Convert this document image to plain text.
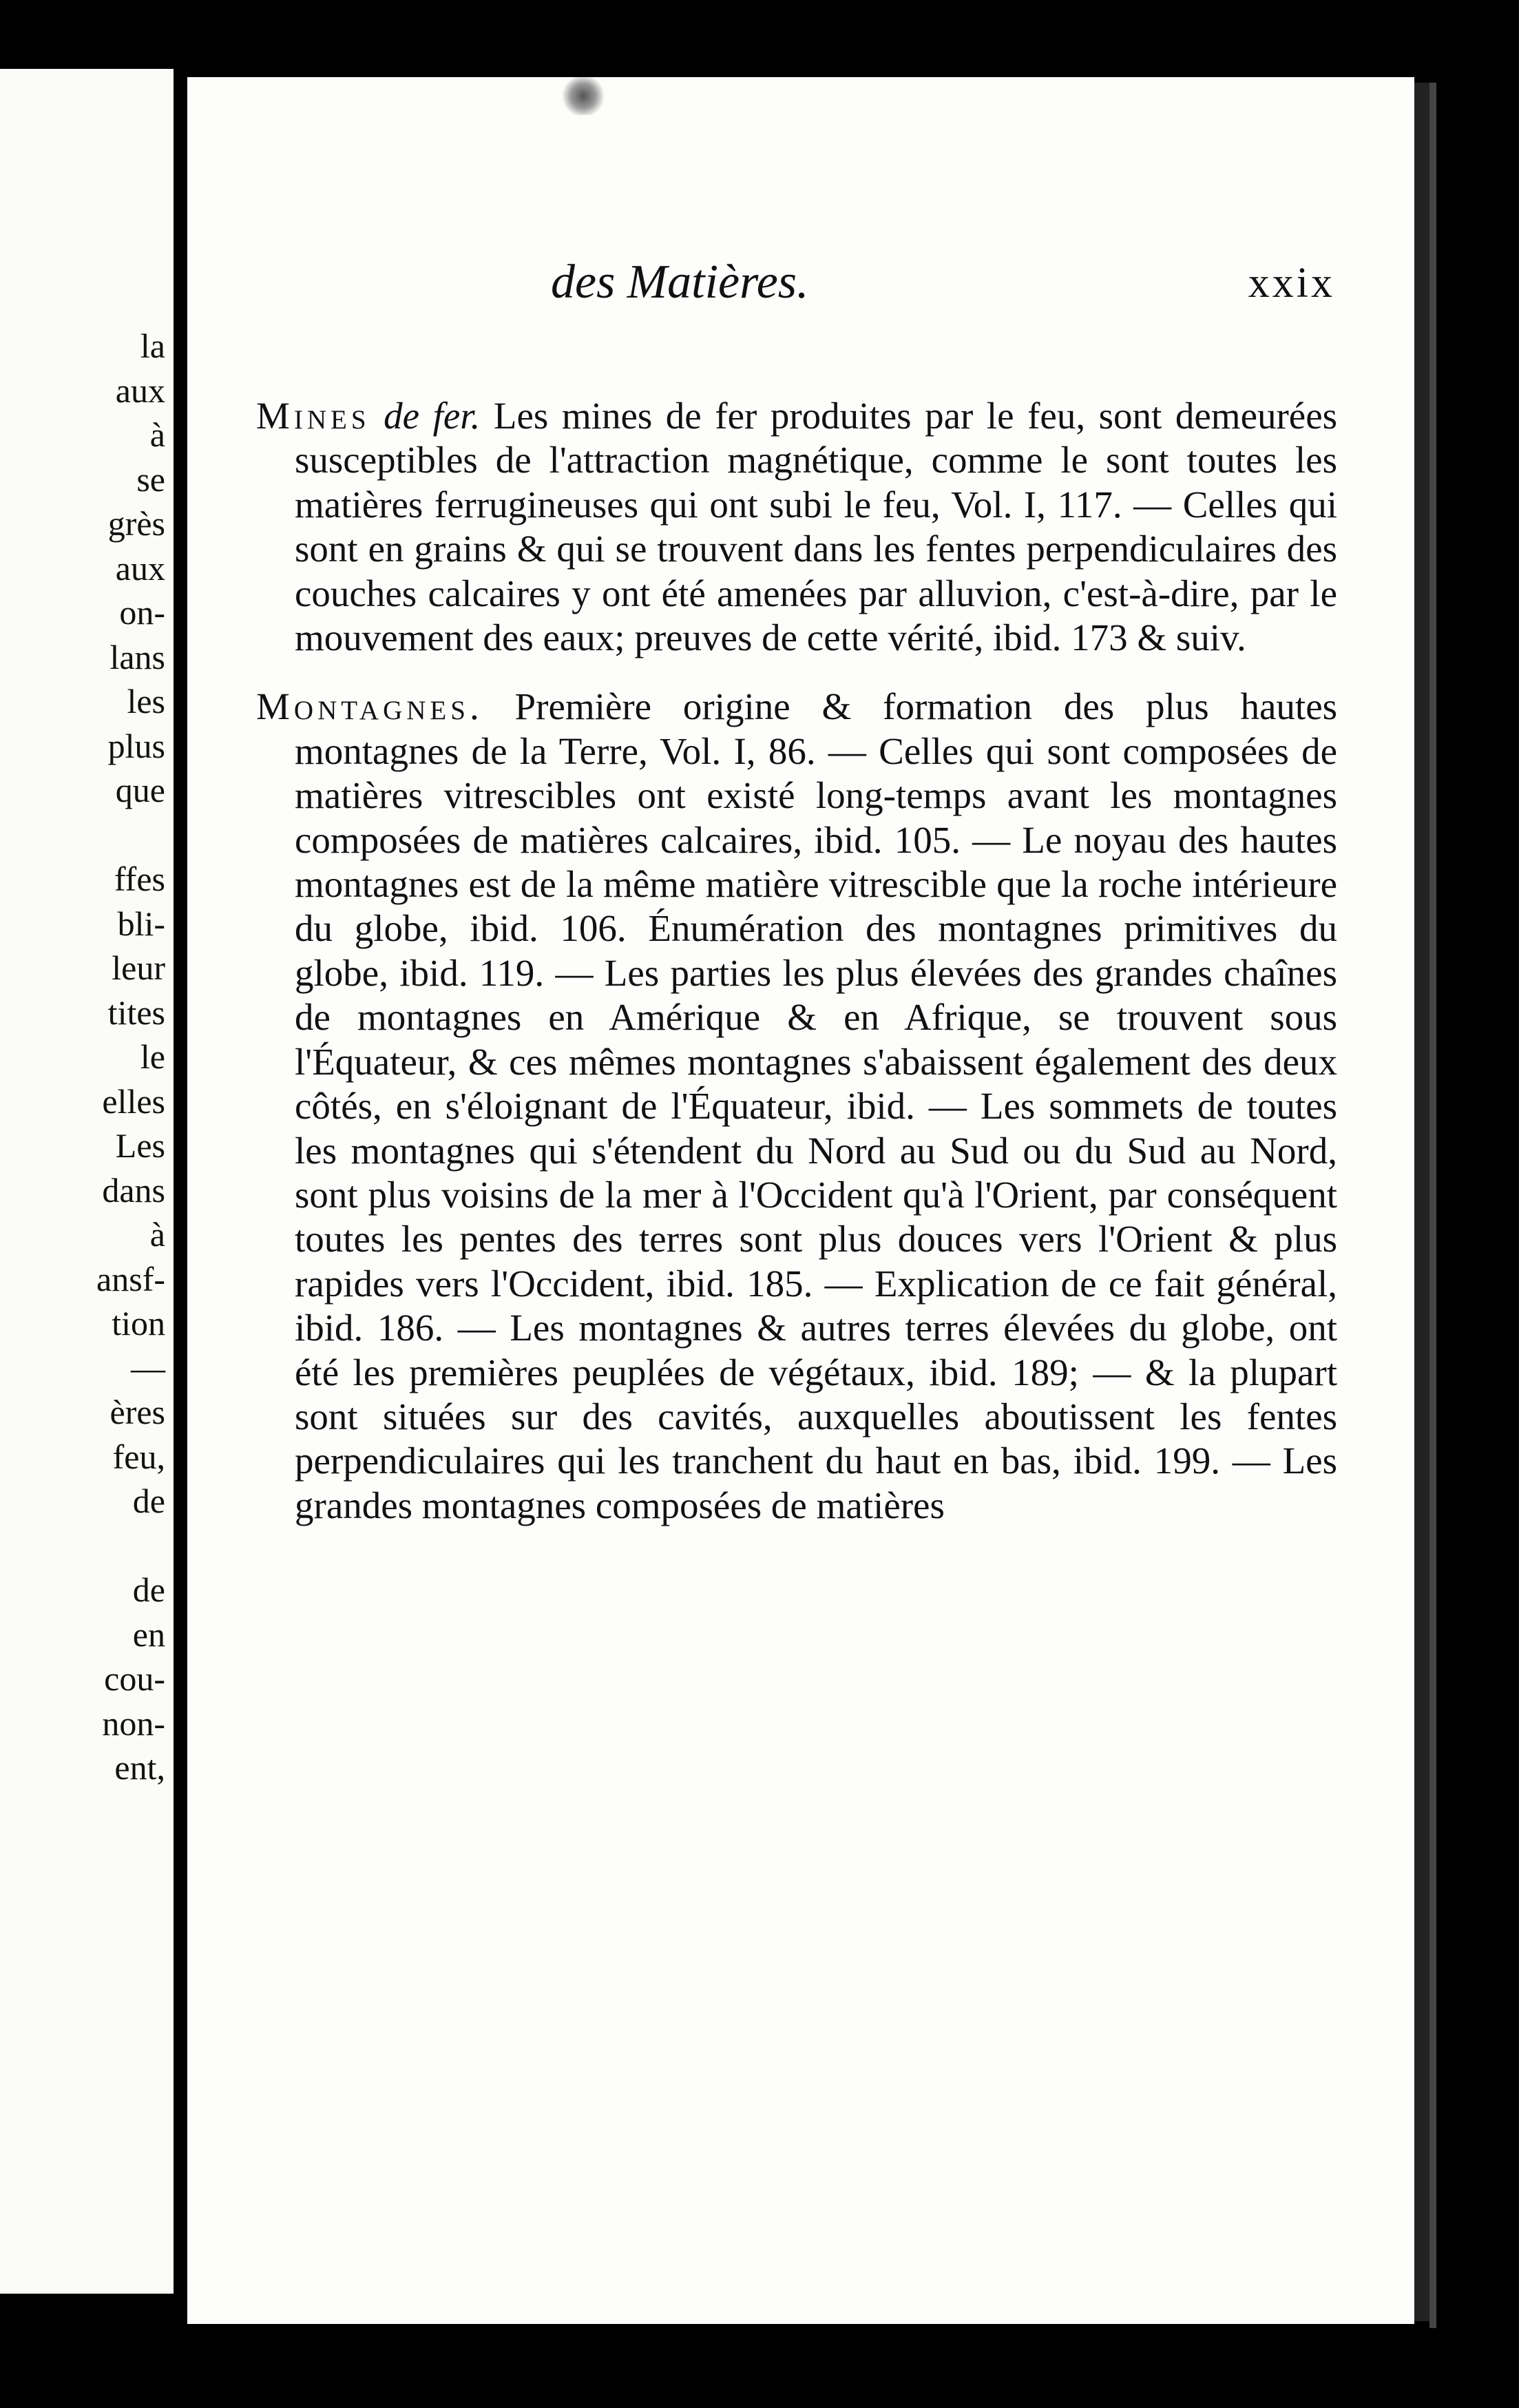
la
aux
à
se
grès
aux
on-
lans
les
plus
que
ffes
bli-
leur
tites
le
elles
Les
dans
à
ansf-
tion
—
ères
feu,
de
de
en
cou-
non-
ent,
des Matières.	xxix

Mines de fer. Les mines de fer produites par le feu, sont demeurées susceptibles de l'attraction magnétique, comme le sont toutes les matières ferrugineuses qui ont subi le feu, Vol. I, 117. — Celles qui sont en grains & qui se trouvent dans les fentes perpendiculaires des couches calcaires y ont été amenées par alluvion, c'est-à-dire, par le mouvement des eaux; preuves de cette vérité, ibid. 173 & suiv.

Montagnes. Première origine & formation des plus hautes montagnes de la Terre, Vol. I, 86. — Celles qui sont composées de matières vitrescibles ont existé long-temps avant les montagnes composées de matières calcaires, ibid. 105. — Le noyau des hautes montagnes est de la même matière vitrescible que la roche intérieure du globe, ibid. 106. Énumération des montagnes primitives du globe, ibid. 119. — Les parties les plus élevées des grandes chaînes de montagnes en Amérique & en Afrique, se trouvent sous l'Équateur, & ces mêmes montagnes s'abaissent également des deux côtés, en s'éloignant de l'Équateur, ibid. — Les sommets de toutes les montagnes qui s'étendent du Nord au Sud ou du Sud au Nord, sont plus voisins de la mer à l'Occident qu'à l'Orient, par conséquent toutes les pentes des terres sont plus douces vers l'Orient & plus rapides vers l'Occident, ibid. 185. — Explication de ce fait général, ibid. 186. — Les montagnes & autres terres élevées du globe, ont été les premières peuplées de végétaux, ibid. 189; — & la plupart sont situées sur des cavités, auxquelles aboutissent les fentes perpendiculaires qui les tranchent du haut en bas, ibid. 199. — Les grandes montagnes composées de matières
